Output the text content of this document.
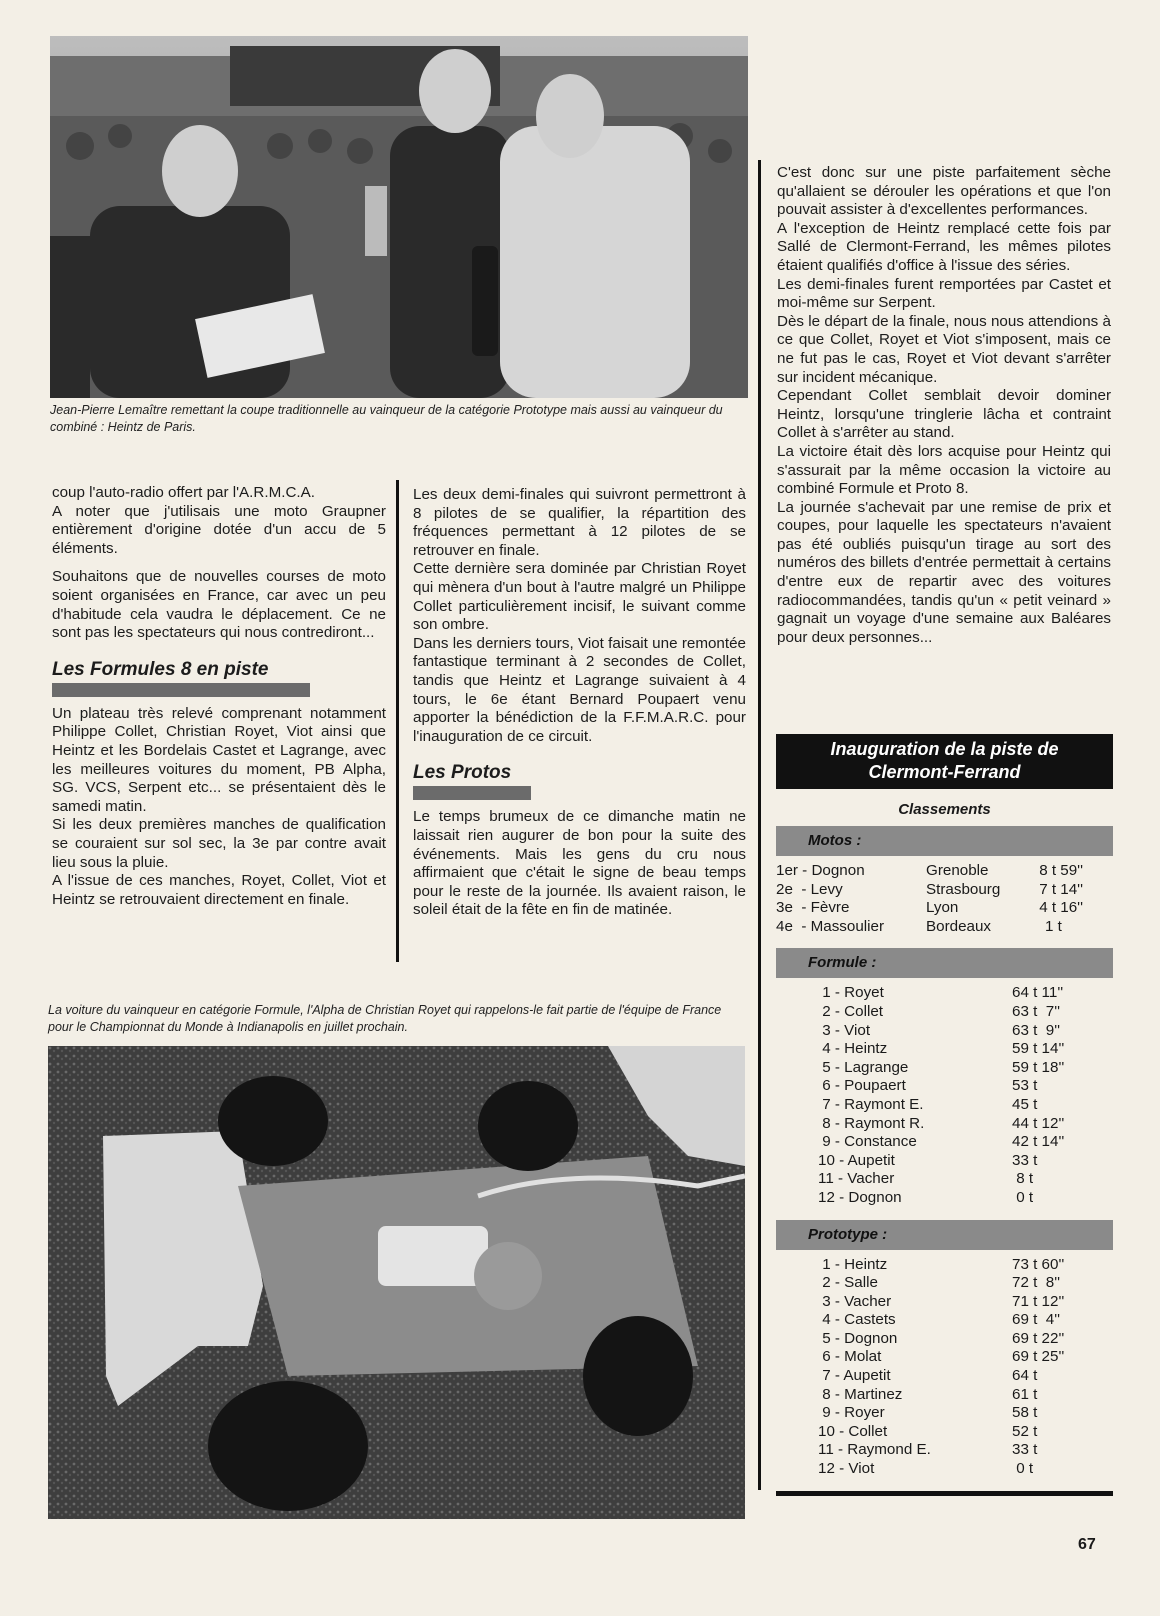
Jean-Pierre Lemaître remettant la coupe traditionnelle au vainqueur de la catégorie Prototype mais aussi au vainqueur du combiné : Heintz de Paris.

coup l'auto-radio offert par l'A.R.M.C.A.

A noter que j'utilisais une moto Graupner entièrement d'origine dotée d'un accu de 5 éléments.

Souhaitons que de nouvelles courses de moto soient organisées en France, car avec un peu d'habitude cela vaudra le déplacement. Ce ne sont pas les spectateurs qui nous contrediront...

Les Formules 8 en piste

Un plateau très relevé comprenant notamment Philippe Collet, Christian Royet, Viot ainsi que Heintz et les Bordelais Castet et Lagrange, avec les meilleures voitures du moment, PB Alpha, SG. VCS, Serpent etc... se présentaient dès le samedi matin.

Si les deux premières manches de qualification se couraient sur sol sec, la 3e par contre avait lieu sous la pluie.

A l'issue de ces manches, Royet, Collet, Viot et Heintz se retrouvaient directement en finale.

Les deux demi-finales qui suivront permettront à 8 pilotes de se qualifier, la répartition des fréquences permettant à 12 pilotes de se retrouver en finale.

Cette dernière sera dominée par Christian Royet qui mènera d'un bout à l'autre malgré un Philippe Collet particulièrement incisif, le suivant comme son ombre.

Dans les derniers tours, Viot faisait une remontée fantastique terminant à 2 secondes de Collet, tandis que Heintz et Lagrange suivaient à 4 tours, le 6e étant Bernard Poupaert venu apporter la bénédiction de la F.F.M.A.R.C. pour l'inauguration de ce circuit.

Les Protos

Le temps brumeux de ce dimanche matin ne laissait rien augurer de bon pour la suite des événements. Mais les gens du cru nous affirmaient que c'était le signe de beau temps pour le reste de la journée. Ils avaient raison, le soleil était de la fête en fin de matinée.

C'est donc sur une piste parfaitement sèche qu'allaient se dérouler les opérations et que l'on pouvait assister à d'excellentes performances.

A l'exception de Heintz remplacé cette fois par Sallé de Clermont-Ferrand, les mêmes pilotes étaient qualifiés d'office à l'issue des séries.

Les demi-finales furent remportées par Castet et moi-même sur Serpent.

Dès le départ de la finale, nous nous attendions à ce que Collet, Royet et Viot s'imposent, mais ce ne fut pas le cas, Royet et Viot devant s'arrêter sur incident mécanique.

Cependant Collet semblait devoir dominer Heintz, lorsqu'une tringlerie lâcha et contraint Collet à s'arrêter au stand.

La victoire était dès lors acquise pour Heintz qui s'assurait par la même occasion la victoire au combiné Formule et Proto 8.

La journée s'achevait par une remise de prix et coupes, pour laquelle les spectateurs n'avaient pas été oubliés puisqu'un tirage au sort des numéros des billets d'entrée permettait à certains d'entre eux de repartir avec des voitures radiocommandées, tandis qu'un « petit veinard » gagnait un voyage d'une semaine aux Baléares pour deux personnes...

Inauguration de la piste de
Clermont-Ferrand
Classements
Motos :
1er - Dognon	Grenoble	8 t 59''
2e  - Levy	Strasbourg	7 t 14''
3e  - Fèvre	Lyon	4 t 16''
4e  - Massoulier	Bordeaux	1 t
Formule :
1 - Royet	64 t 11''
2 - Collet	63 t  7''
3 - Viot	63 t  9''
4 - Heintz	59 t 14''
5 - Lagrange	59 t 18''
6 - Poupaert	53 t
7 - Raymont E.	45 t
8 - Raymont R.	44 t 12''
9 - Constance	42 t 14''
10 - Aupetit	33 t
11 - Vacher	8 t
12 - Dognon	0 t
Prototype :
1 - Heintz	73 t 60''
2 - Salle	72 t  8''
3 - Vacher	71 t 12''
4 - Castets	69 t  4''
5 - Dognon	69 t 22''
6 - Molat	69 t 25''
7 - Aupetit	64 t
8 - Martinez	61 t
9 - Royer	58 t
10 - Collet	52 t
11 - Raymond E.	33 t
12 - Viot	0 t
La voiture du vainqueur en catégorie Formule, l'Alpha de Christian Royet qui rappelons-le fait partie de l'équipe de France pour le Championnat du Monde à Indianapolis en juillet prochain.
67
